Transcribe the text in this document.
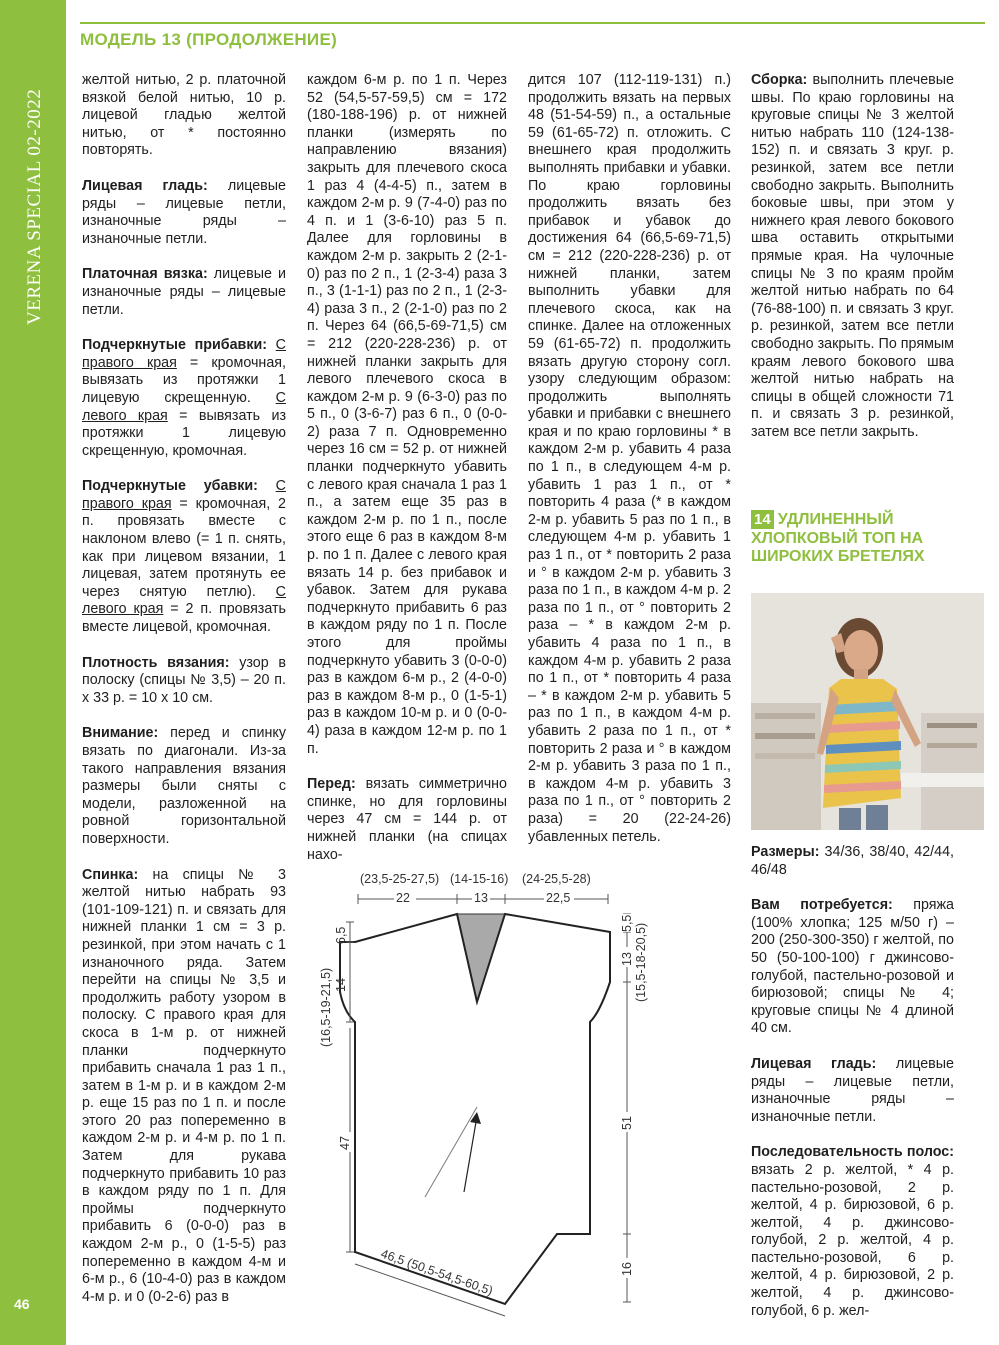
VERENA SPECIAL 02-2022
46
МОДЕЛЬ 13 (ПРОДОЛЖЕНИЕ)

желтой нитью, 2 р. платочной вязкой белой нитью, 10 р. лицевой гладью желтой нитью, от * постоянно повторять.

Лицевая гладь: лицевые ряды – лицевые петли, изнаночные ряды – изнаночные петли.

Платочная вязка: лицевые и изнаночные ряды – лицевые петли.

Подчеркнутые прибавки: С правого края = кромочная, вывязать из протяжки 1 лицевую скрещенную. С левого края = вывязать из протяжки 1 лицевую скрещенную, кромочная.

Подчеркнутые убавки: С правого края = кромочная, 2 п. провязать вместе с наклоном влево (= 1 п. снять, как при лицевом вязании, 1 лицевая, затем протянуть ее через снятую петлю). С левого края = 2 п. провязать вместе лицевой, кромочная.

Плотность вязания: узор в полоску (спицы № 3,5) – 20 п. х 33 р. = 10 х 10 см.

Внимание: перед и спинку вязать по диагонали. Из-за такого направления вязания размеры были сняты с модели, разложенной на ровной горизонтальной поверхности.

Спинка: на спицы № 3 желтой нитью набрать 93 (101-109-121) п. и связать для нижней планки 1 см = 3 р. резинкой, при этом начать с 1 изнаночного ряда. Затем перейти на спицы № 3,5 и продолжить работу узором в полоску. С правого края для скоса в 1-м р. от нижней планки подчеркнуто прибавить сначала 1 раз 1 п., затем в 1-м р. и в каждом 2-м р. еще 15 раз по 1 п. и после этого 20 раз попеременно в каждом 2-м р. и 4-м р. по 1 п. Затем для рукава подчеркнуто прибавить 10 раз в каждом ряду по 1 п. Для проймы подчеркнуто прибавить 6 (0-0-0) раз в каждом 2-м р., 0 (1-5-5) раз попеременно в каждом 4-м и 6-м р., 6 (10-4-0) раз в каждом 4-м р. и 0 (0-2-6) раз в

каждом 6-м р. по 1 п. Через 52 (54,5-57-59,5) см = 172 (180-188-196) р. от нижней планки (измерять по направлению вязания) закрыть для плечевого скоса 1 раз 4 (4-4-5) п., затем в каждом 2-м р. 9 (7-4-0) раз по 4 п. и 1 (3-6-10) раз 5 п. Далее для горловины в каждом 2-м р. закрыть 2 (2-1-0) раз по 2 п., 1 (2-3-4) раза 3 п., 3 (1-1-1) раз по 2 п., 1 (2-3-4) раза 3 п., 2 (2-1-0) раз по 2 п. Через 64 (66,5-69-71,5) см = 212 (220-228-236) р. от нижней планки закрыть для левого плечевого скоса в каждом 2-м р. 9 (6-3-0) раз по 5 п., 0 (3-6-7) раз 6 п., 0 (0-0-2) раза 7 п. Одновременно через 16 см = 52 р. от нижней планки подчеркнуто убавить с левого края сначала 1 раз 1 п., а затем еще 35 раз в каждом 2-м р. по 1 п., после этого еще 6 раз в каждом 8-м р. по 1 п. Далее с левого края вязать 14 р. без прибавок и убавок. Затем для рукава подчеркнуто прибавить 6 раз в каждом ряду по 1 п. После этого для проймы подчеркнуто убавить 3 (0-0-0) раз в каждом 6-м р., 2 (4-0-0) раз в каждом 8-м р., 0 (1-5-1) раз в каждом 10-м р. и 0 (0-0-4) раза в каждом 12-м р. по 1 п.

Перед: вязать симметрично спинке, но для горловины через 47 см = 144 р. от нижней планки (на спицах нахо-

дится 107 (112-119-131) п.) продолжить вязать на первых 48 (51-54-59) п., а остальные 59 (61-65-72) п. отложить. С внешнего края продолжить выполнять прибавки и убавки. По краю горловины продолжить вязать без прибавок и убавок до достижения 64 (66,5-69-71,5) см = 212 (220-228-236) р. от нижней планки, затем выполнить убавки для плечевого скоса, как на спинке. Далее на отложенных 59 (61-65-72) п. продолжить вязать другую сторону согл. узору следующим образом: продолжить выполнять убавки и прибавки с внешнего края и по краю горловины * в каждом 2-м р. убавить 4 раза по 1 п., в следующем 4-м р. убавить 1 раз 1 п., от * повторить 4 раза (* в каждом 2-м р. убавить 5 раз по 1 п., в следующем 4-м р. убавить 1 раз 1 п., от * повторить 2 раза и ° в каждом 2-м р. убавить 3 раза по 1 п., в каждом 4-м р. 2 раза по 1 п., от ° повторить 2 раза – * в каждом 2-м р. убавить 4 раза по 1 п., в каждом 4-м р. убавить 2 раза по 1 п., от * повторить 4 раза – * в каждом 2-м р. убавить 5 раз по 1 п., в каждом 4-м р. убавить 2 раза по 1 п., от * повторить 2 раза и ° в каждом 2-м р. убавить 3 раза по 1 п., в каждом 4-м р. убавить 3 раза по 1 п., от ° повторить 2 раза) = 20 (22-24-26) убавленных петель.

Сборка: выполнить плечевые швы. По краю горловины на круговые спицы № 3 желтой нитью набрать 110 (124-138-152) п. и связать 3 круг. р. резинкой, затем все петли свободно закрыть. Выполнить боковые швы, при этом у нижнего края левого бокового шва оставить открытыми прямые края. На чулочные спицы № 3 по краям пройм желтой нитью набрать по 64 (76-88-100) п. и связать 3 круг. р. резинкой, затем все петли свободно закрыть. По прямым краям левого бокового шва желтой нитью набрать на спицы в общей сложности 71 п. и связать 3 р. резинкой, затем все петли закрыть.

14 УДЛИНЕННЫЙ ХЛОПКОВЫЙ ТОП НА ШИРОКИХ БРЕТЕЛЯХ

Размеры: 34/36, 38/40, 42/44, 46/48

Вам потребуется: пряжа (100% хлопка; 125 м/50 г) – 200 (250-300-350) г желтой, по 50 (50-100-100) г джинсово-голубой, пастельно-розовой и бирюзовой; спицы № 4; круговые спицы № 4 длиной 40 см.

Лицевая гладь: лицевые ряды – лицевые петли, изнаночные ряды – изнаночные петли.

Последовательность полос: вязать 2 р. желтой, * 4 р. пастельно-розовой, 2 р. желтой, 4 р. бирюзовой, 6 р. желтой, 4 р. джинсово-голубой, 2 р. желтой, 4 р. пастельно-розовой, 6 р. желтой, 4 р. бирюзовой, 2 р. желтой, 4 р. джинсово-голубой, 6 р. жел-

(23,5-25-27,5) (14-15-16) (24-25,5-28)
22	13	22,5
6,5
14
(16,5-19-21,5)
47
5,5
13 (15,5-18-20,5)
51
16
46,5 (50,5-54,5-60,5)
